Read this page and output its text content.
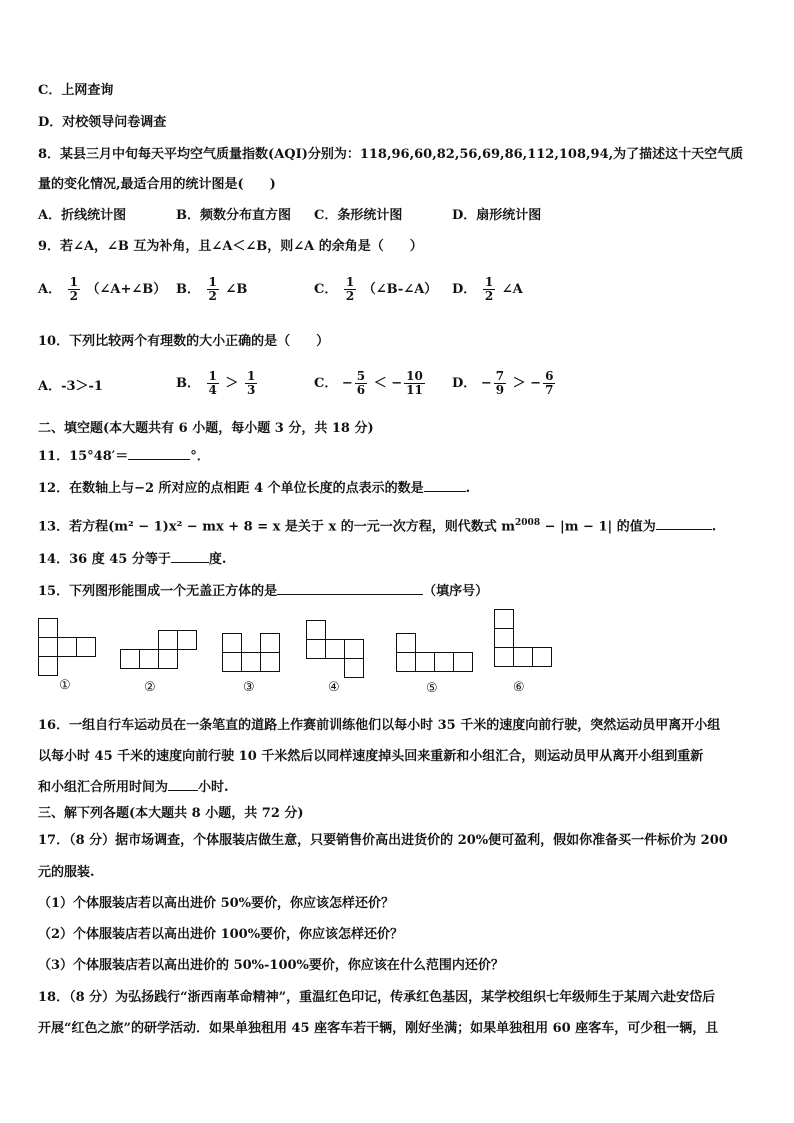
C．上网查询
D．对校领导问卷调查
8．某县三月中旬每天平均空气质量指数(AQI)分别为：118,96,60,82,56,69,86,112,108,94,为了描述这十天空气质
量的变化情况,最适合用的统计图是(　　)
A．折线统计图	B．频数分布直方图 C．条形统计图	D．扇形统计图
9．若∠A，∠B 互为补角，且∠A＜∠B，则∠A 的余角是（　　）
A． $\frac{1}{2}$ （∠A+∠B） B． $\frac{1}{2}$ ∠B	C． $\frac{1}{2}$ （∠B-∠A） D． $\frac{1}{2}$ ∠A
10．下列比较两个有理数的大小正确的是（　　）
A．-3＞-1	B． $\frac{1}{4} > \frac{1}{3}$	C． − $\frac{5}{6}$ ＜ − $\frac{10}{11}$ D． − $\frac{7}{9}$ ＞ − $\frac{6}{7}$
二、填空题(本大题共有 6 小题，每小题 3 分，共 18 分)
11．15°48′＝	°．
12．在数轴上与−2 所对应的点相距 4 个单位长度的点表示的数是	.
13．若方程(m² − 1)x² − mx + 8 = x 是关于 x 的一元一次方程，则代数式 $m^{2008} - |m - 1|$ 的值为	.
14．36 度 45 分等于	度.
15．下列图形能围成一个无盖正方体的是	（填序号）
①	②	③	④	⑤	⑥
16．一组自行车运动员在一条笔直的道路上作赛前训练他们以每小时 35 千米的速度向前行驶，突然运动员甲离开小组
以每小时 45 千米的速度向前行驶 10 千米然后以同样速度掉头回来重新和小组汇合，则运动员甲从离开小组到重新
和小组汇合所用时间为 小时.
三、解下列各题(本大题共 8 小题，共 72 分)
17．（8 分）据市场调查，个体服装店做生意，只要销售价高出进货价的 20%便可盈利，假如你准备买一件标价为 200
元的服装.
（1）个体服装店若以高出进价 50%要价，你应该怎样还价？
（2）个体服装店若以高出进价 100%要价，你应该怎样还价？
（3）个体服装店若以高出进价的 50%-100%要价，你应该在什么范围内还价？
18．（8 分）为弘扬践行“浙西南革命精神”，重温红色印记，传承红色基因，某学校组织七年级师生于某周六赴安岱后
开展“红色之旅”的研学活动．如果单独租用 45 座客车若干辆，刚好坐满；如果单独租用 60 座客车，可少租一辆，且
